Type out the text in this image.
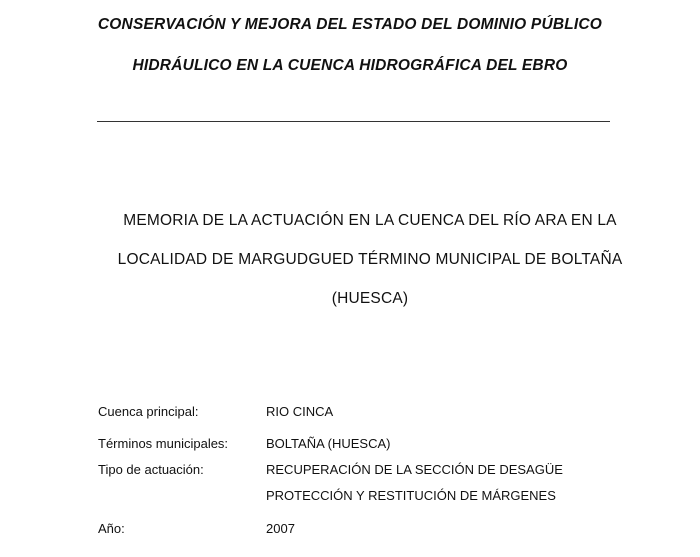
CONSERVACIÓN Y MEJORA DEL ESTADO DEL DOMINIO PÚBLICO
HIDRÁULICO EN LA CUENCA HIDROGRÁFICA DEL EBRO
MEMORIA DE LA ACTUACIÓN EN LA CUENCA DEL RÍO ARA EN LA
LOCALIDAD DE MARGUDGUED TÉRMINO MUNICIPAL DE BOLTAÑA
(HUESCA)
Cuenca principal:	RIO CINCA
Términos municipales:	BOLTAÑA (HUESCA)
Tipo de actuación:	RECUPERACIÓN DE LA SECCIÓN DE DESAGÜE
PROTECCIÓN Y RESTITUCIÓN DE MÁRGENES
Año:	2007
